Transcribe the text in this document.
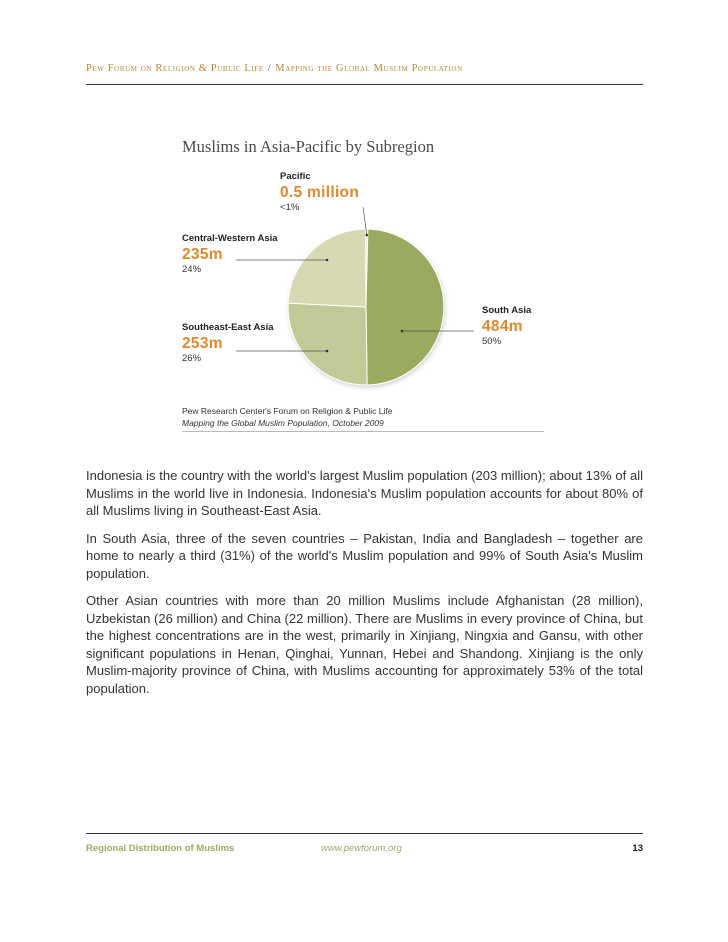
Pew Forum on Religion & Public Life / Mapping the Global Muslim Population
Muslims in Asia-Pacific by Subregion
Pacific
0.5 million
<1%
Central-Western Asia
235m
24%
Southeast-East Asia
253m
26%
South Asia
484m
50%
Pew Research Center's Forum on Religion & Public Life
Mapping the Global Muslim Population, October 2009

Indonesia is the country with the world's largest Muslim population (203 million); about 13% of all Muslims in the world live in Indonesia. Indonesia's Muslim population accounts for about 80% of all Muslims living in Southeast-East Asia.

In South Asia, three of the seven countries – Pakistan, India and Bangladesh – together are home to nearly a third (31%) of the world's Muslim population and 99% of South Asia's Muslim population.

Other Asian countries with more than 20 million Muslims include Afghanistan (28 million), Uzbekistan (26 million) and China (22 million). There are Muslims in every province of China, but the highest concentrations are in the west, primarily in Xinjiang, Ningxia and Gansu, with other significant populations in Henan, Qinghai, Yunnan, Hebei and Shandong. Xinjiang is the only Muslim-majority province of China, with Muslims accounting for approximately 53% of the total population.

Regional Distribution of Muslims	www.pewforum.org	13
